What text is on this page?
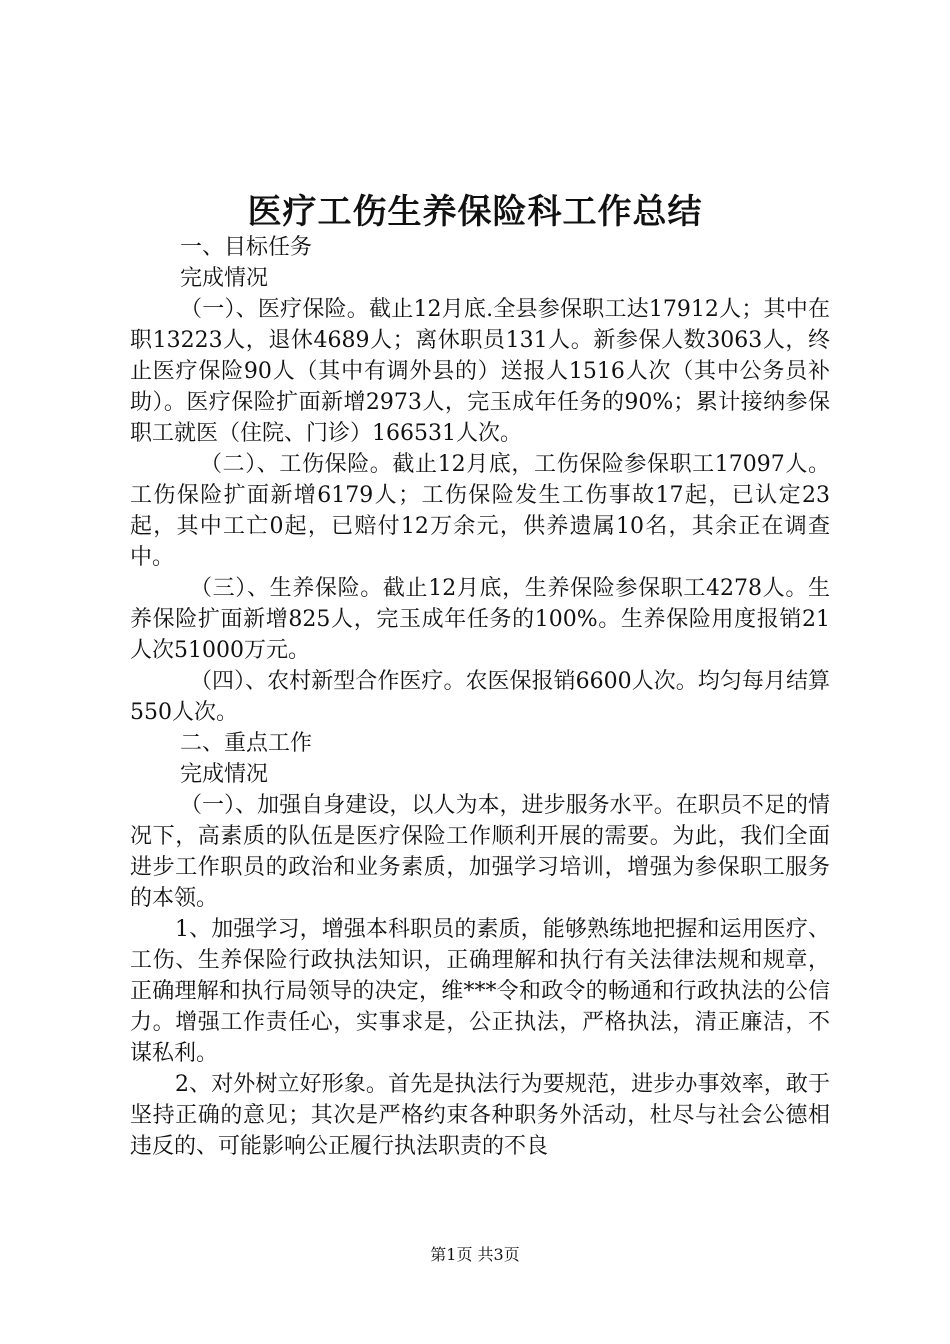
医疗工伤生养保险科工作总结

一、目标任务

完成情况

（一）、医疗保险。截止12月底.全县参保职工达17912人；其中在职13223人，退休4689人；离休职员131人。新参保人数3063人，终止医疗保险90人（其中有调外县的）送报人1516人次（其中公务员补助）。医疗保险扩面新增2973人，完玉成年任务的90%；累计接纳参保职工就医（住院、门诊）166531人次。

（二）、工伤保险。截止12月底，工伤保险参保职工17097人。工伤保险扩面新增6179人；工伤保险发生工伤事故17起，已认定23起，其中工亡0起，已赔付12万余元，供养遗属10名，其余正在调查中。

（三）、生养保险。截止12月底，生养保险参保职工4278人。生养保险扩面新增825人，完玉成年任务的100%。生养保险用度报销21人次51000万元。

（四）、农村新型合作医疗。农医保报销6600人次。均匀每月结算550人次。

二、重点工作

完成情况

（一）、加强自身建设，以人为本，进步服务水平。在职员不足的情况下，高素质的队伍是医疗保险工作顺利开展的需要。为此，我们全面进步工作职员的政治和业务素质，加强学习培训，增强为参保职工服务的本领。

1、加强学习，增强本科职员的素质，能够熟练地把握和运用医疗、工伤、生养保险行政执法知识，正确理解和执行有关法律法规和规章，正确理解和执行局领导的决定，维***令和政令的畅通和行政执法的公信力。增强工作责任心，实事求是，公正执法，严格执法，清正廉洁，不谋私利。

2、对外树立好形象。首先是执法行为要规范，进步办事效率，敢于坚持正确的意见；其次是严格约束各种职务外活动，杜尽与社会公德相违反的、可能影响公正履行执法职责的不良

第1页 共3页
